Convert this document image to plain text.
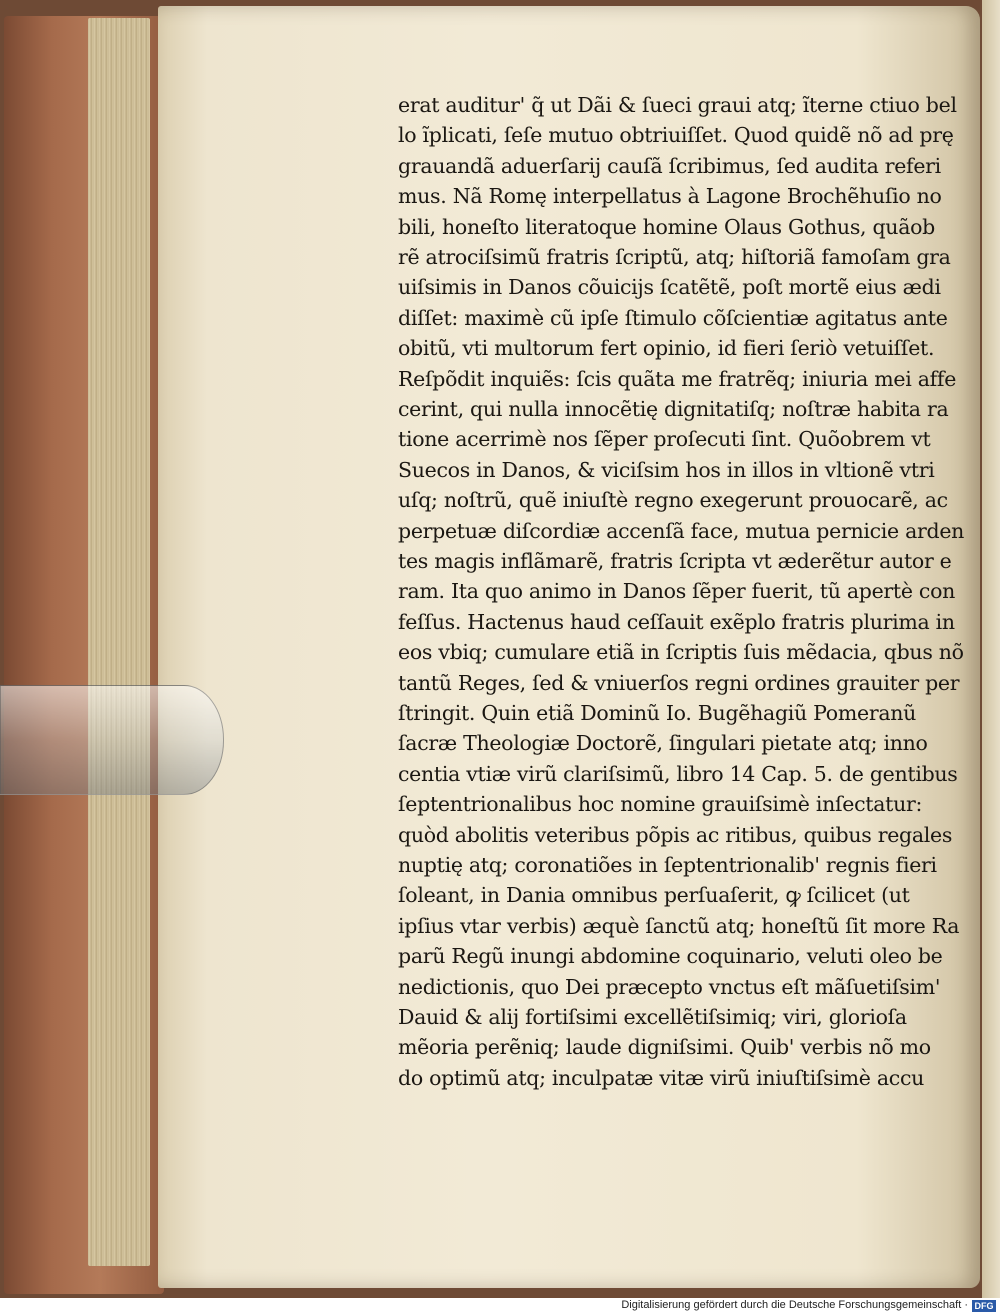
erat auditur' q̃ ut Dãi & ſueci graui atq; ĩterne ctiuo bel
lo ĩplicati, ſeſe mutuo obtriuiſſet. Quod quidẽ nõ ad prę
grauandã aduerſarij cauſã ſcribimus, ſed audita referi
mus. Nã Romę interpellatus à Lagone Brochẽhuſio no
bili, honeſto literatoque homine Olaus Gothus, quãob
rẽ atrociſsimũ fratris ſcriptũ, atq; hiſtoriã famoſam gra
uiſsimis in Danos cõuicijs ſcatẽtẽ, poſt mortẽ eius ædi
diſſet: maximè cũ ipſe ſtimulo cõſcientiæ agitatus ante
obitũ, vti multorum fert opinio, id fieri ſeriò vetuiſſet.
Reſpõdit inquiẽs: ſcis quãta me fratrẽq; iniuria mei affe
cerint, qui nulla innocẽtię dignitatiſq; noſtræ habita ra
tione acerrimè nos ſẽper proſecuti ſint. Quõobrem vt
Suecos in Danos, & viciſsim hos in illos in vltionẽ vtri
uſq; noſtrũ, quẽ iniuſtè regno exegerunt prouocarẽ, ac
perpetuæ diſcordiæ accenſã face, mutua pernicie arden
tes magis inflãmarẽ, fratris ſcripta vt æderẽtur autor e
ram. Ita quo animo in Danos ſẽper fuerit, tũ apertè con
feſſus. Hactenus haud ceſſauit exẽplo fratris plurima in
eos vbiq; cumulare etiã in ſcriptis ſuis mẽdacia, qbus nõ
tantũ Reges, ſed & vniuerſos regni ordines grauiter per
ſtringit. Quin etiã Dominũ Io. Bugẽhagiũ Pomeranũ
ſacræ Theologiæ Doctorẽ, ſingulari pietate atq; inno
centia vtiæ virũ clariſsimũ, libro 14 Cap. 5. de gentibus
ſeptentrionalibus hoc nomine grauiſsimè inſectatur:
quòd abolitis veteribus põpis ac ritibus, quibus regales
nuptię atq; coronatiões in ſeptentrionalib' regnis fieri
ſoleant, in Dania omnibus perſuaſerit, ꝙ ſcilicet (ut
ipſius vtar verbis) æquè ſanctũ atq; honeſtũ ſit more Ra
parũ Regũ inungi abdomine coquinario, veluti oleo be
nedictionis, quo Dei præcepto vnctus eſt mãſuetiſsim'
Dauid & alij fortiſsimi excellẽtiſsimiq; viri, glorioſa
mẽoria perẽniq; laude digniſsimi. Quib' verbis nõ mo
do optimũ atq; inculpatæ vitæ virũ iniuſtiſsimè accu
Digitalisierung gefördert durch die Deutsche Forschungsgemeinschaft · DFG
